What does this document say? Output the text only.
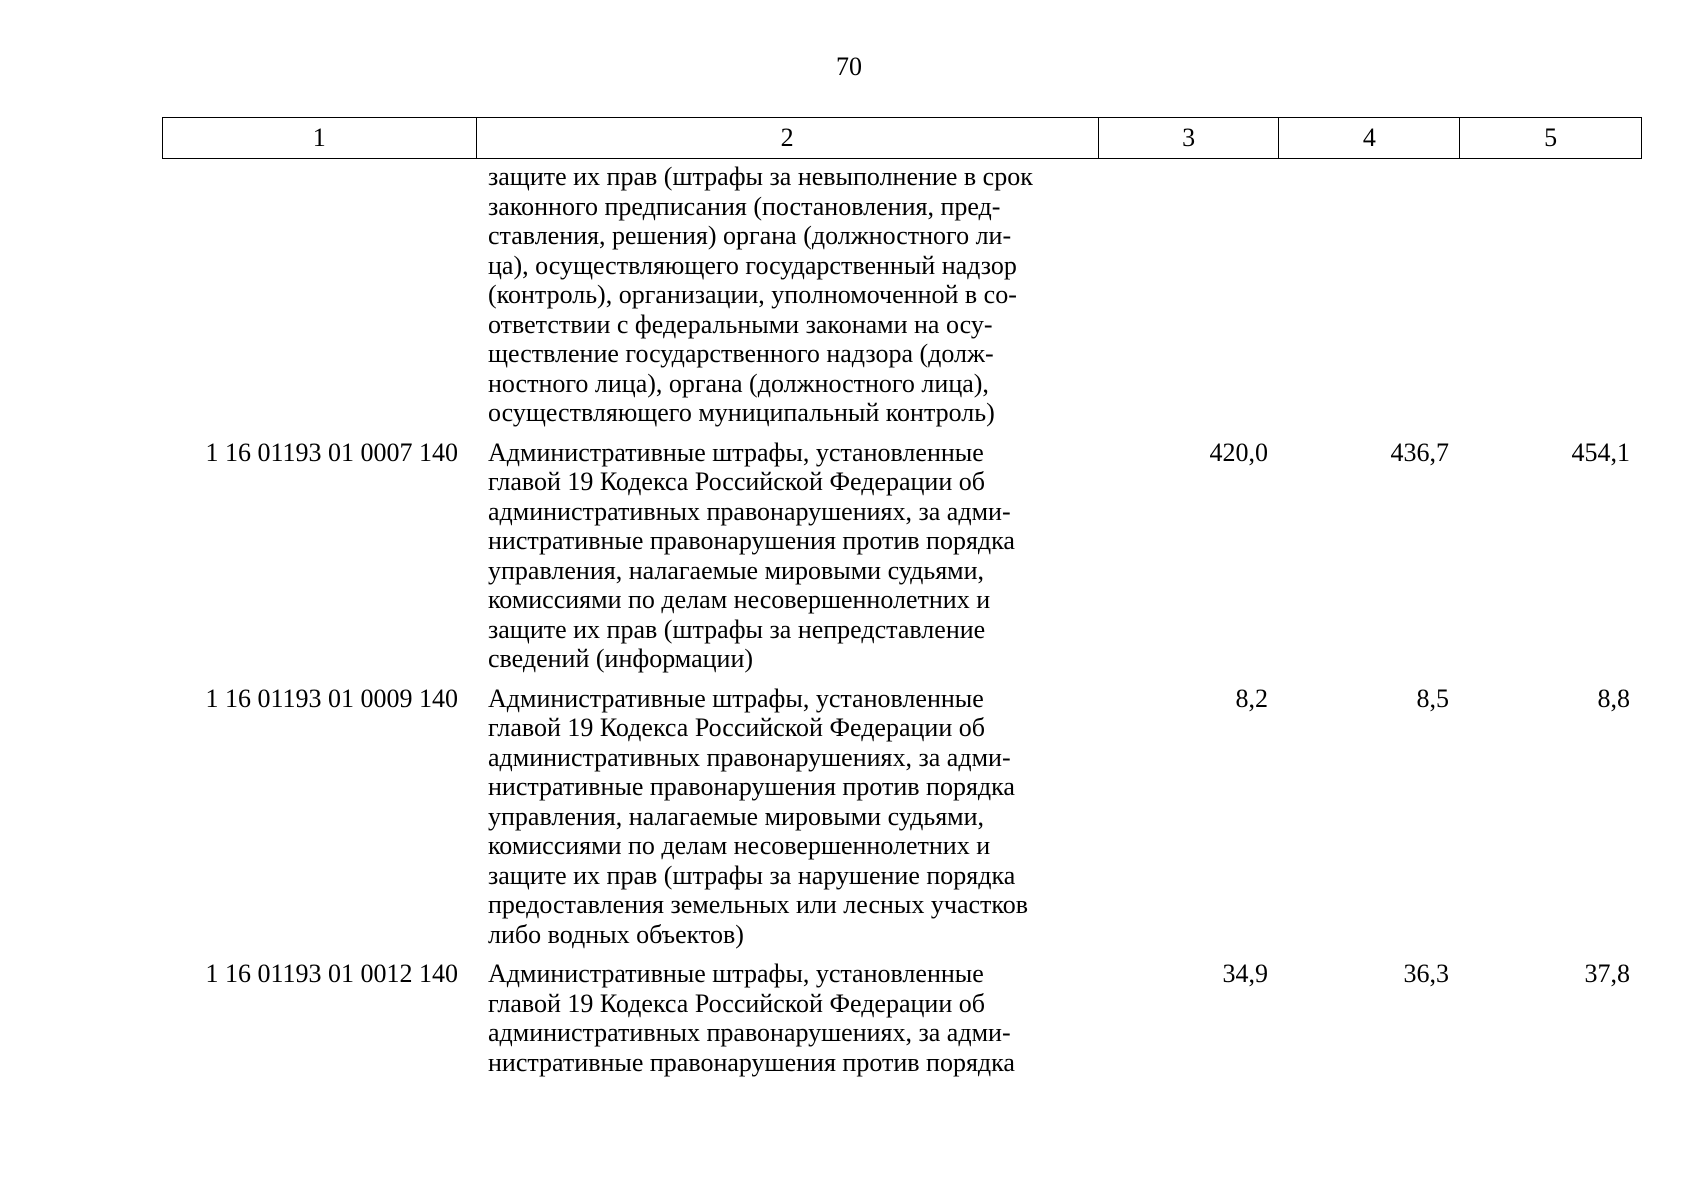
70
1	2	3	4	5
защите их прав (штрафы за невыполнение в срок
законного предписания (постановления, пред-
ставления, решения) органа (должностного ли-
ца), осуществляющего государственный надзор
(контроль), организации, уполномоченной в со-
ответствии с федеральными законами на осу-
ществление государственного надзора (долж-
ностного лица), органа (должностного лица),
осуществляющего муниципальный контроль)
1 16 01193 01 0007 140	Административные штрафы, установленные
главой 19 Кодекса Российской Федерации об
административных правонарушениях, за адми-
нистративные правонарушения против порядка
управления, налагаемые мировыми судьями,
комиссиями по делам несовершеннолетних и
защите их прав (штрафы за непредставление
сведений (информации)
420,0	436,7	454,1
1 16 01193 01 0009 140	Административные штрафы, установленные
главой 19 Кодекса Российской Федерации об
административных правонарушениях, за адми-
нистративные правонарушения против порядка
управления, налагаемые мировыми судьями,
комиссиями по делам несовершеннолетних и
защите их прав (штрафы за нарушение порядка
предоставления земельных или лесных участков
либо водных объектов)
8,2	8,5	8,8
1 16 01193 01 0012 140	Административные штрафы, установленные
главой 19 Кодекса Российской Федерации об
административных правонарушениях, за адми-
нистративные правонарушения против порядка
34,9	36,3	37,8
